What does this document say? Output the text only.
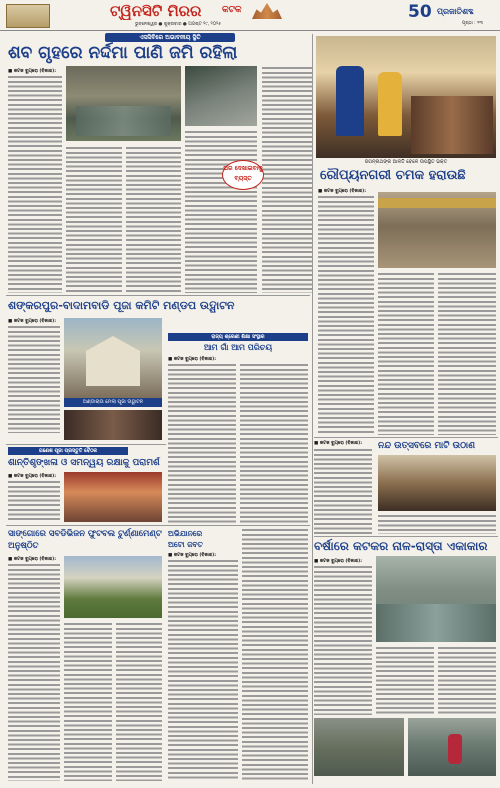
ଟ୍ୱିନସିଟି ମିରର	କଟକ
ଭୁବନେଶ୍ୱର ● ଶୁକ୍ରବାର ● ଅଗଷ୍ଟ ୨୯, ୨୦୨୫
50 ପ୍ରଜାତିଶବ୍ଦ
ପୃଷ୍ଠା : ୧୩
ଏସସିବିରେ ଅଭାବନୀୟ ସ୍ଥିତି
ଶବ ଗୃହରେ ନର୍ଦ୍ଦମା ପାଣି ଜମି ରହିଲା
■ କଟକ ବ୍ୟୁରୋ (ବିକାଶ):
ଘର ଦେଖାଇବାକୁ ବ୍ୟସ୍ତ
ଜଗନ୍ନାଥଙ୍କ ଆଳତି ବେଳେ ଉପସ୍ଥିତ ଭକ୍ତ
ରୌପ୍ୟନଗରୀ ଚମକ ହରାଉଛି
■ କଟକ ବ୍ୟୁରୋ (ବିକାଶ):
ଶଙ୍କରପୁର-ବାଦାମବାଡି ପୂଜା କମିଟି ମଣ୍ଡପ ଉଦ୍ଘାଟନ
■ କଟକ ବ୍ୟୁରୋ (ବିକାଶ):
ଅଣ୍ଡାଚାଉ ମେଲା ପୂଜା ଉଦ୍ଘାଟନ
ରାଜ୍ୟ ଶ୍ରେଣୀ ଶିକ୍ଷା ସଂସ୍ଥାର
ଆମ ଗାଁ ଆମ ପରିଚୟ
■ କଟକ ବ୍ୟୁରୋ (ବିକାଶ):
■ କଟକ ବ୍ୟୁରୋ (ବିକାଶ):	ନନ୍ଦ ଉତ୍ସବରେ ମାଟି ଉଠାଣ
ଗଣେଶ ପୂଜା ପ୍ରସ୍ତୁତି ବୈଠକ
ଶାନ୍ତିଶୃଙ୍ଖଳା ଓ ସମନ୍ୱୟ ରକ୍ଷାକୁ ପରାମର୍ଶ
■ କଟକ ବ୍ୟୁରୋ (ବିକାଶ):
ବର୍ଷାରେ କଟକର ନାଳ-ରାସ୍ତା ଏକାକାର
■ କଟକ ବ୍ୟୁରୋ (ବିକାଶ):
ସାଙ୍ଗୋରେ ସବଡିଭିଜନ ଫୁଟବଲ ଟୁର୍ଣ୍ଣାମେଣ୍ଟ ଅନୁଷ୍ଠିତ
■ କଟକ ବ୍ୟୁରୋ (ବିକାଶ):
ଅଭିଯାନରେ
ଅଟୋ ଜବତ
■ କଟକ ବ୍ୟୁରୋ (ବିକାଶ):
